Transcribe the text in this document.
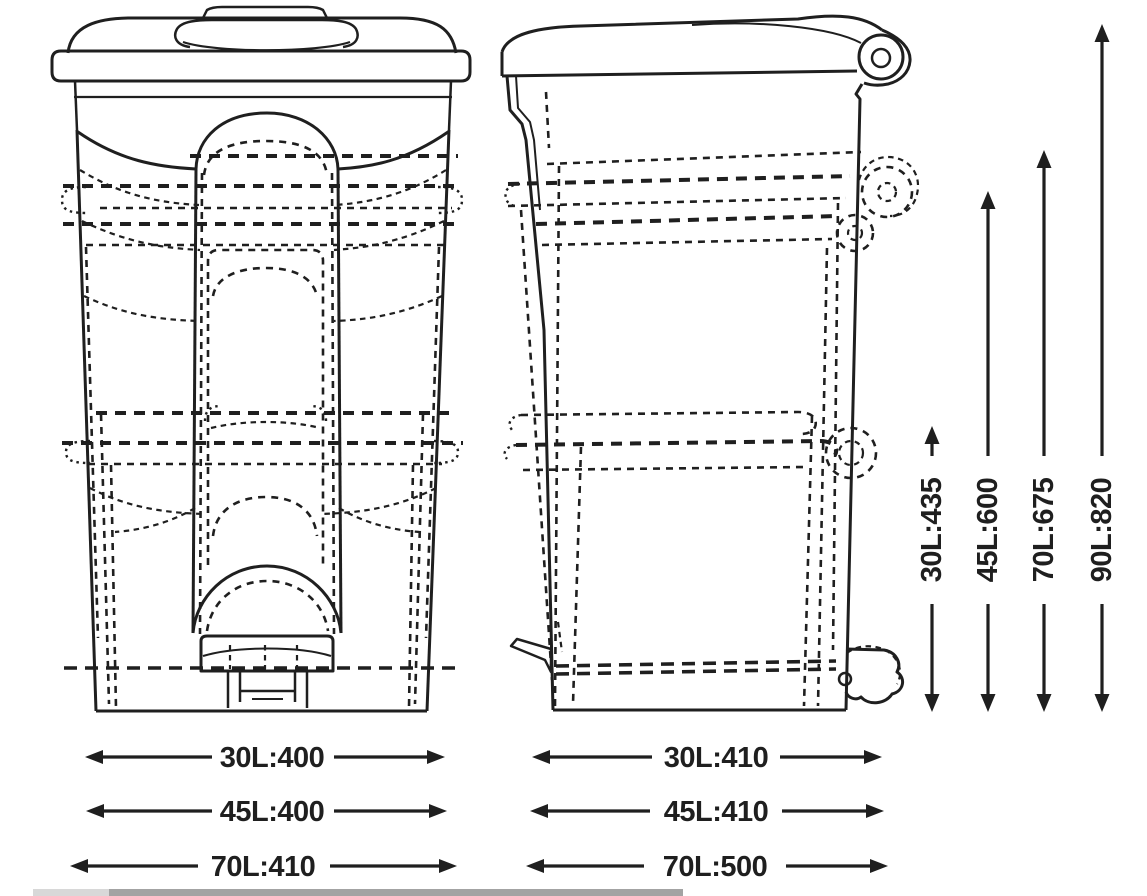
30L:400
45L:400
70L:410
30L:410
45L:410
70L:500
30L:435 45L:600 70L:675 90L:820
